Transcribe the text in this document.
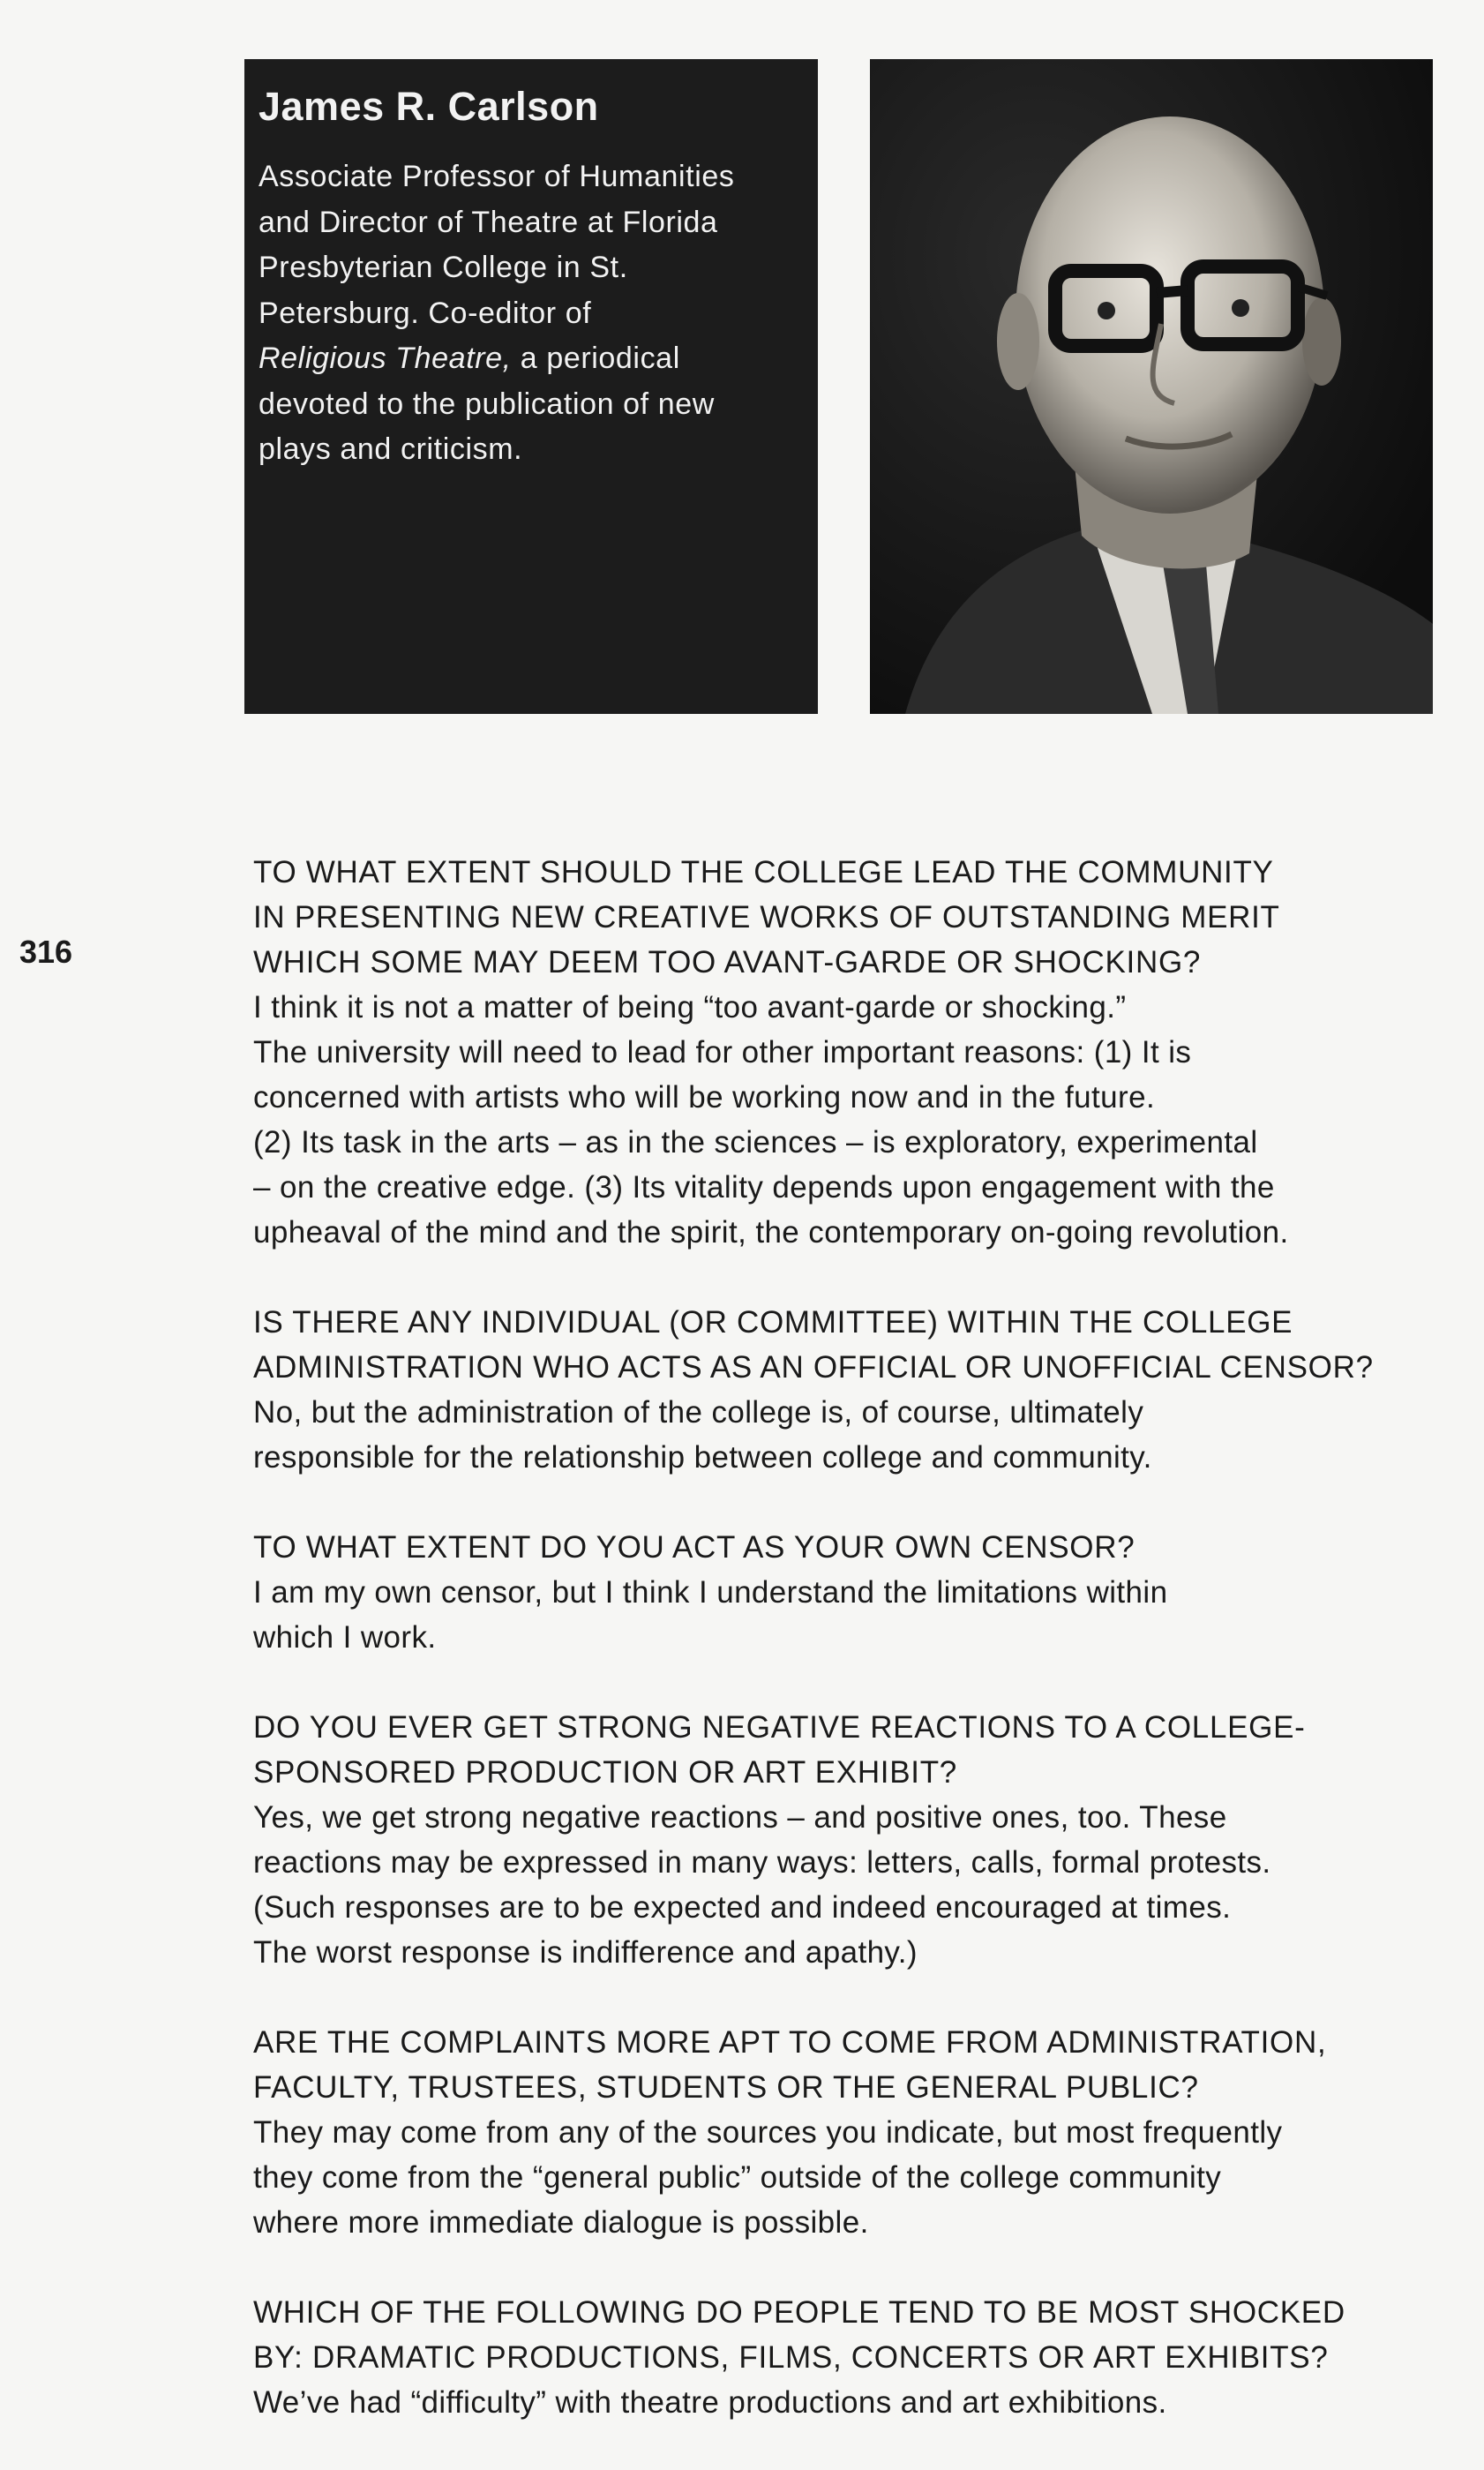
James R. Carlson
Associate Professor of Humanities
and Director of Theatre at Florida
Presbyterian College in St.
Petersburg. Co-editor of
Religious Theatre, a periodical
devoted to the publication of new
plays and criticism.
316
TO WHAT EXTENT SHOULD THE COLLEGE LEAD THE COMMUNITY
IN PRESENTING NEW CREATIVE WORKS OF OUTSTANDING MERIT
WHICH SOME MAY DEEM TOO AVANT-GARDE OR SHOCKING?
I think it is not a matter of being “too avant-garde or shocking.”
The university will need to lead for other important reasons: (1) It is
concerned with artists who will be working now and in the future.
(2) Its task in the arts – as in the sciences – is exploratory, experimental
– on the creative edge. (3) Its vitality depends upon engagement with the
upheaval of the mind and the spirit, the contemporary on-going revolution.
IS THERE ANY INDIVIDUAL (OR COMMITTEE) WITHIN THE COLLEGE
ADMINISTRATION WHO ACTS AS AN OFFICIAL OR UNOFFICIAL CENSOR?
No, but the administration of the college is, of course, ultimately
responsible for the relationship between college and community.
TO WHAT EXTENT DO YOU ACT AS YOUR OWN CENSOR?
I am my own censor, but I think I understand the limitations within
which I work.
DO YOU EVER GET STRONG NEGATIVE REACTIONS TO A COLLEGE-
SPONSORED PRODUCTION OR ART EXHIBIT?
Yes, we get strong negative reactions – and positive ones, too. These
reactions may be expressed in many ways: letters, calls, formal protests.
(Such responses are to be expected and indeed encouraged at times.
The worst response is indifference and apathy.)
ARE THE COMPLAINTS MORE APT TO COME FROM ADMINISTRATION,
FACULTY, TRUSTEES, STUDENTS OR THE GENERAL PUBLIC?
They may come from any of the sources you indicate, but most frequently
they come from the “general public” outside of the college community
where more immediate dialogue is possible.
WHICH OF THE FOLLOWING DO PEOPLE TEND TO BE MOST SHOCKED
BY: DRAMATIC PRODUCTIONS, FILMS, CONCERTS OR ART EXHIBITS?
We’ve had “difficulty” with theatre productions and art exhibitions.
